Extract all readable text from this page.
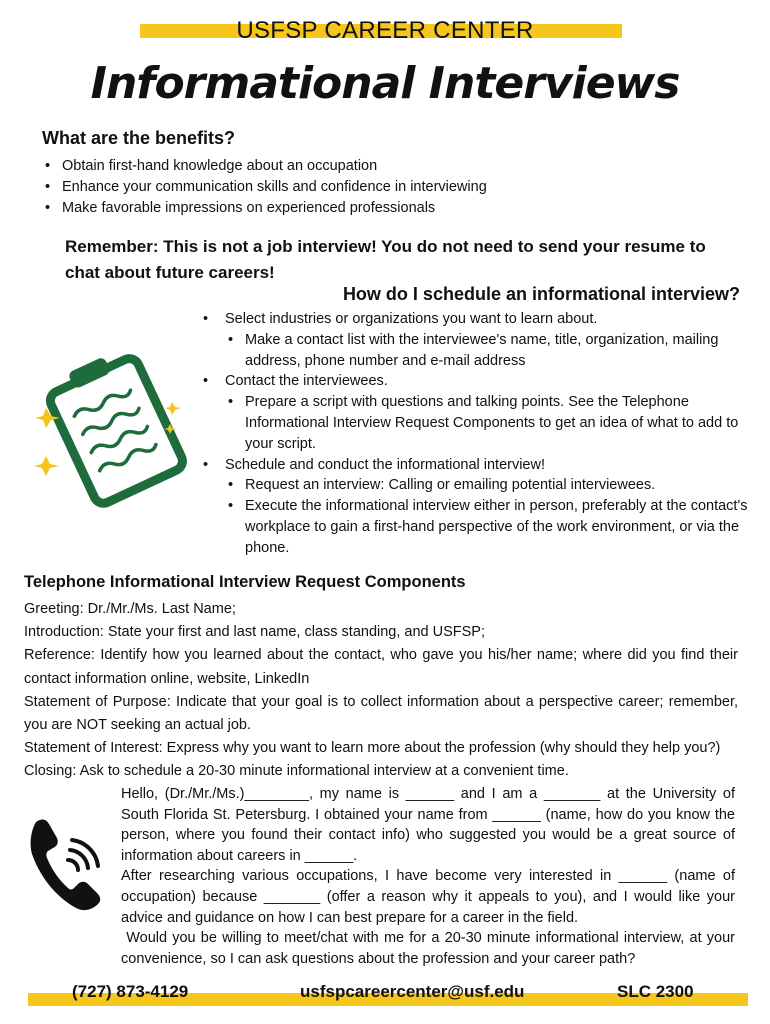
USFSP CAREER CENTER
Informational Interviews
What are the benefits?
• Obtain first-hand knowledge about an occupation
• Enhance your communication skills and confidence in interviewing
• Make favorable impressions on experienced professionals
Remember: This is not a job interview! You do not need to send your resume to chat about future careers!
How do I schedule an informational interview?
• Select industries or organizations you want to learn about.
• Make a contact list with the interviewee's name, title, organization, mailing address, phone number and e-mail address
• Contact the interviewees.
• Prepare a script with questions and talking points. See the Telephone Informational Interview Request Components to get an idea of what to add to your script.
• Schedule and conduct the informational interview!
• Request an interview: Calling or emailing potential interviewees.
• Execute the informational interview either in person, preferably at the contact's workplace to gain a first-hand perspective of the work environment, or via the phone.
Telephone Informational Interview Request Components

Greeting: Dr./Mr./Ms. Last Name;

Introduction: State your first and last name, class standing, and USFSP;

Reference: Identify how you learned about the contact, who gave you his/her name; where did you find their contact information online, website, LinkedIn

Statement of Purpose: Indicate that your goal is to collect information about a perspective career; remember, you are NOT seeking an actual job.

Statement of Interest: Express why you want to learn more about the profession (why should they help you?)

Closing: Ask to schedule a 20-30 minute informational interview at a convenient time.

Hello, (Dr./Mr./Ms.)________, my name is ______ and I am a _______ at the University of South Florida St. Petersburg. I obtained your name from ______ (name, how do you know the person, where you found their contact info) who suggested you would be a great source of information about careers in ______.

After researching various occupations, I have become very interested in ______ (name of occupation) because _______ (offer a reason why it appeals to you), and I would like your advice and guidance on how I can best prepare for a career in the field.

Would you be willing to meet/chat with me for a 20-30 minute informational interview, at your convenience, so I can ask questions about the profession and your career path?

(727) 873-4129	usfspcareercenter@usf.edu	SLC 2300
